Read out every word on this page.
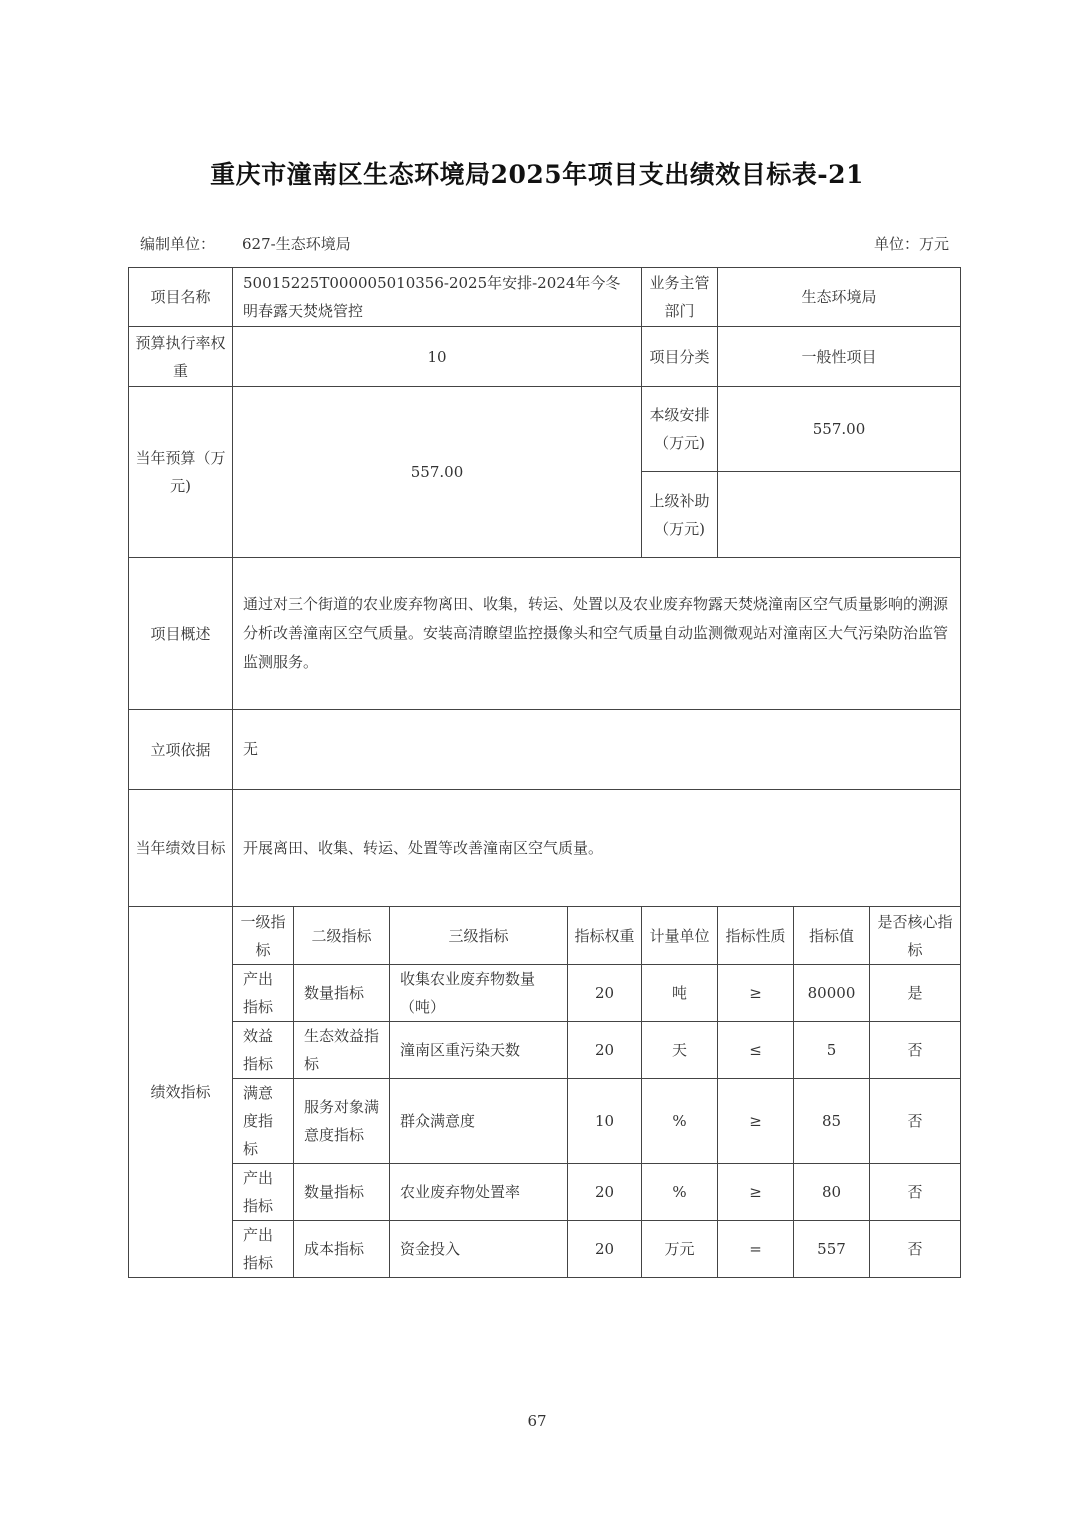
重庆市潼南区生态环境局2025年项目支出绩效目标表-21
编制单位： 627-生态环境局	单位：万元
项目名称	50015225T000005010356-2025年安排-2024年今冬明春露天焚烧管控				业务主管部门	生态环境局		
预算执行率权重	10				项目分类	一般性项目		
当年预算（万元)	557.00				本级安排（万元)	557.00		
					上级补助（万元)			
项目概述	通过对三个街道的农业废弃物离田、收集，转运、处置以及农业废弃物露天焚烧潼南区空气质量影响的溯源分析改善潼南区空气质量。安装高清瞭望监控摄像头和空气质量自动监测微观站对潼南区大气污染防治监管监测服务。							
立项依据	无							
当年绩效目标	开展离田、收集、转运、处置等改善潼南区空气质量。							
绩效指标	一级指标	二级指标	三级指标	指标权重	计量单位	指标性质	指标值	是否核心指标
	产出指标	数量指标	收集农业废弃物数量（吨）	20	吨	≥	80000	是
	效益指标	生态效益指标	潼南区重污染天数	20	天	≤	5	否
	满意度指标	服务对象满意度指标	群众满意度	10	%	≥	85	否
	产出指标	数量指标	农业废弃物处置率	20	%	≥	80	否
	产出指标	成本指标	资金投入	20	万元	=	557	否
67
